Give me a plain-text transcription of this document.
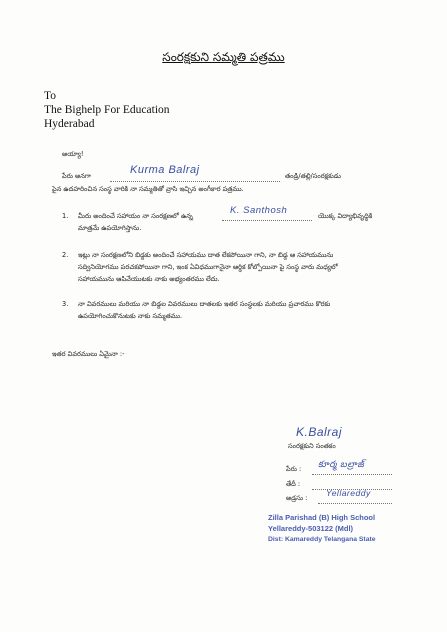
సంరక్షకుని సమ్మతి పత్రము
To
The Bighelp For Education
Hyderabad
అయ్యా!
పేరు అనగా	Kurma Balraj	తండ్రి/తల్లి/సంరక్షకుడు
పైన ఉదహరించిన సంస్థ వారికి నా సమ్మతితో వ్రాసి ఇచ్చిన అంగీకార పత్రము.
1. మీరు అందించే సహాయం నా సంరక్షణలో ఉన్న	K. Santhosh	యొక్క విద్యాభివృద్ధికి
మాత్రమే ఉపయోగిస్తాను.
2. ఇట్లు నా సంరక్షణలోని బిడ్డకు అందించే సహాయము దాత లేకపోయినా గాని, నా బిడ్డ ఆ సహాయమును
సద్వినియోగము పరచకపోయినా గాని, ఇంక ఏవిధముగానైనా ఆర్థిక కోల్పోయినా పై సంస్థ వారు మధ్యలో
సహాయమును ఆపివేయుటకు నాకు అభ్యంతరము లేదు.
3. నా వివరములు మరియు నా బిడ్డల వివరములు దాతలకు ఇతర సంస్థలకు మరియు ప్రచారము కొరకు
ఉపయోగించుకొనుటకు నాకు సమ్మతము.
ఇతర వివరములు ఏమైనా :-
K.Balraj
సంరక్షకుని సంతకం
పేరు : కూర్మ బల్రాజ్
తేదీ :
అడ్రసు : Yellareddy
Zilla Parishad (B) High School
Yellareddy-503122 (Mdl)
Dist: Kamareddy Telangana State
